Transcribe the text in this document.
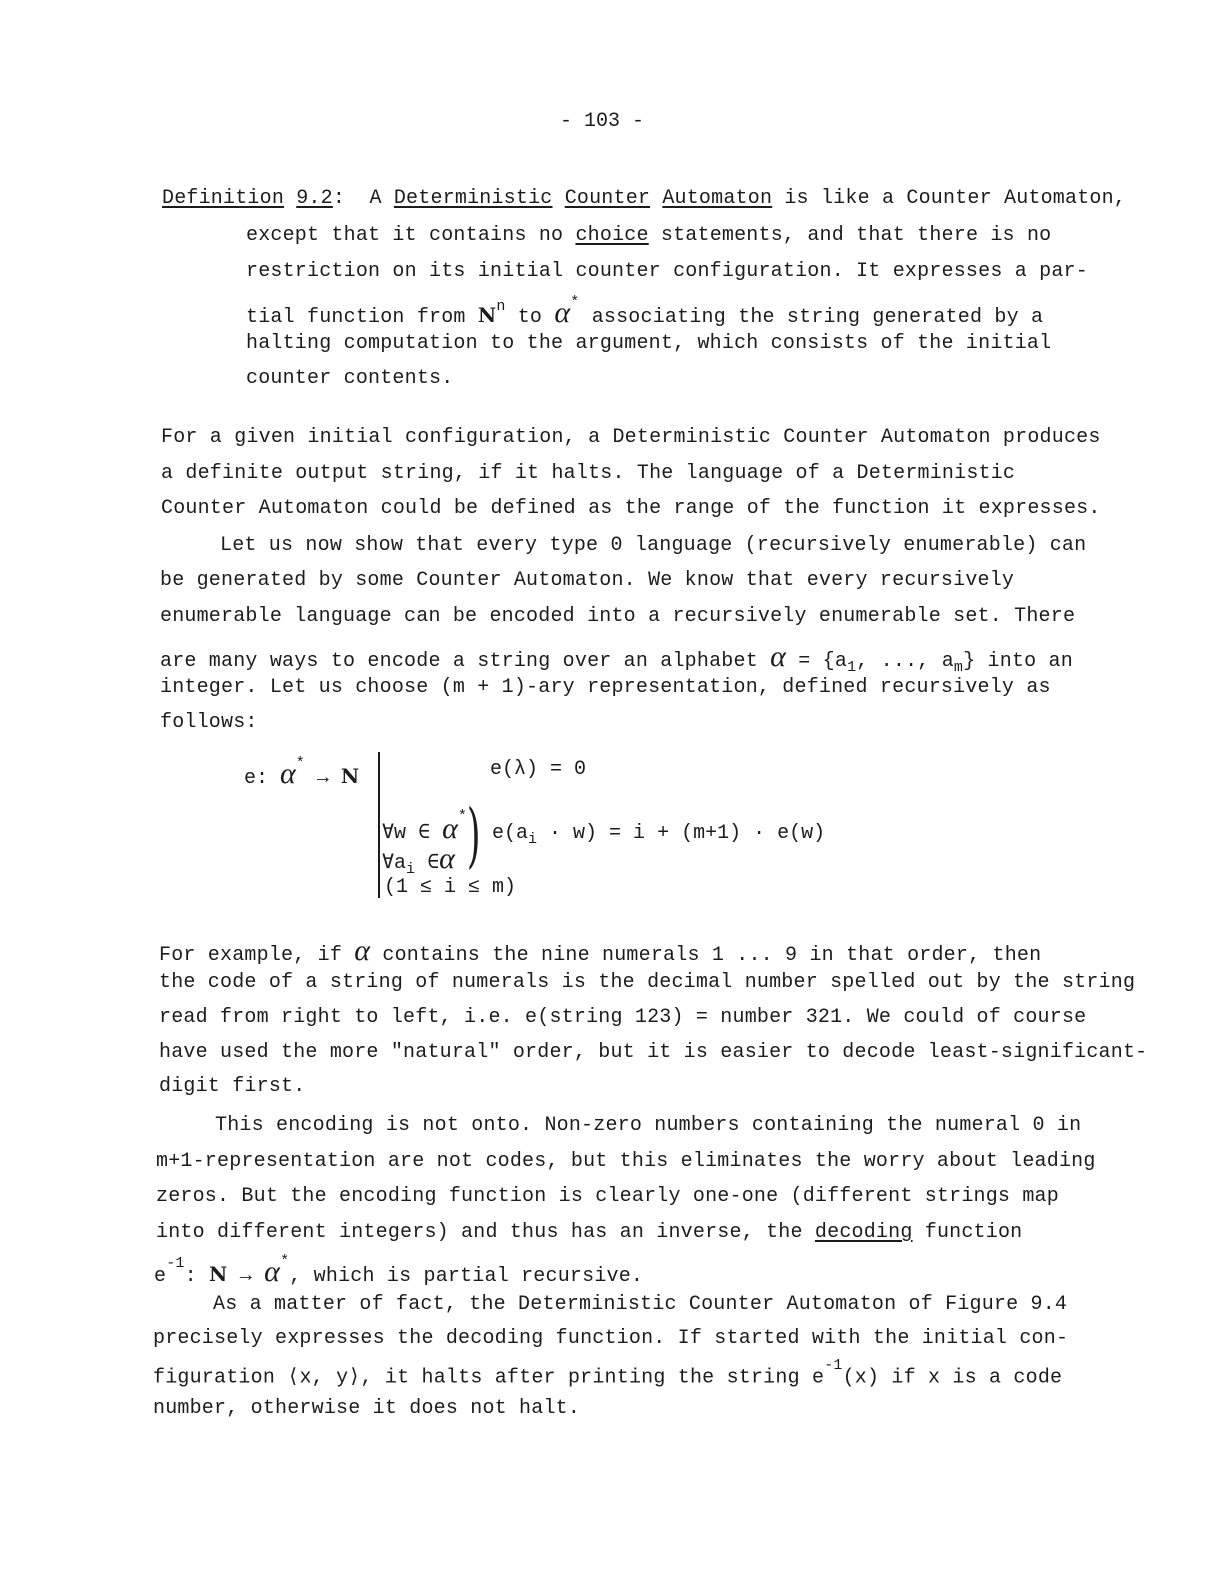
- 103 -
Definition 9.2: A Deterministic Counter Automaton is like a Counter Automaton,
except that it contains no choice statements, and that there is no
restriction on its initial counter configuration. It expresses a par-
tial function from $N^n$ to α* associating the string generated by a
halting computation to the argument, which consists of the initial
counter contents.
For a given initial configuration, a Deterministic Counter Automaton produces
a definite output string, if it halts. The language of a Deterministic
Counter Automaton could be defined as the range of the function it expresses.
Let us now show that every type 0 language (recursively enumerable) can
be generated by some Counter Automaton. We know that every recursively
enumerable language can be encoded into a recursively enumerable set. There
are many ways to encode a string over an alphabet $\alpha = \{a_1$, ..., $a_m$} into an
integer. Let us choose (m + 1)-ary representation, defined recursively as
follows:
e: α* → N	e(λ) = 0
∀w ∈ α*
$\forall a_i$ ∈α ) $e(a_i \cdot w) = i + (m+1) \cdot e(w)$
(1 ≤ i ≤ m)
For example, if α contains the nine numerals 1 ... 9 in that order, then
the code of a string of numerals is the decimal number spelled out by the string
read from right to left, i.e. e(string 123) = number 321. We could of course
have used the more "natural" order, but it is easier to decode least-significant-
digit first.
This encoding is not onto. Non-zero numbers containing the numeral 0 in
m+1-representation are not codes, but this eliminates the worry about leading
zeros. But the encoding function is clearly one-one (different strings map
into different integers) and thus has an inverse, the decoding function
$e^{-1}$: N → α*, which is partial recursive.
As a matter of fact, the Deterministic Counter Automaton of Figure 9.4
precisely expresses the decoding function. If started with the initial con-
figuration ⟨x, y⟩, it halts after printing the string $e^{-1}(x)$ if x is a code
number, otherwise it does not halt.
